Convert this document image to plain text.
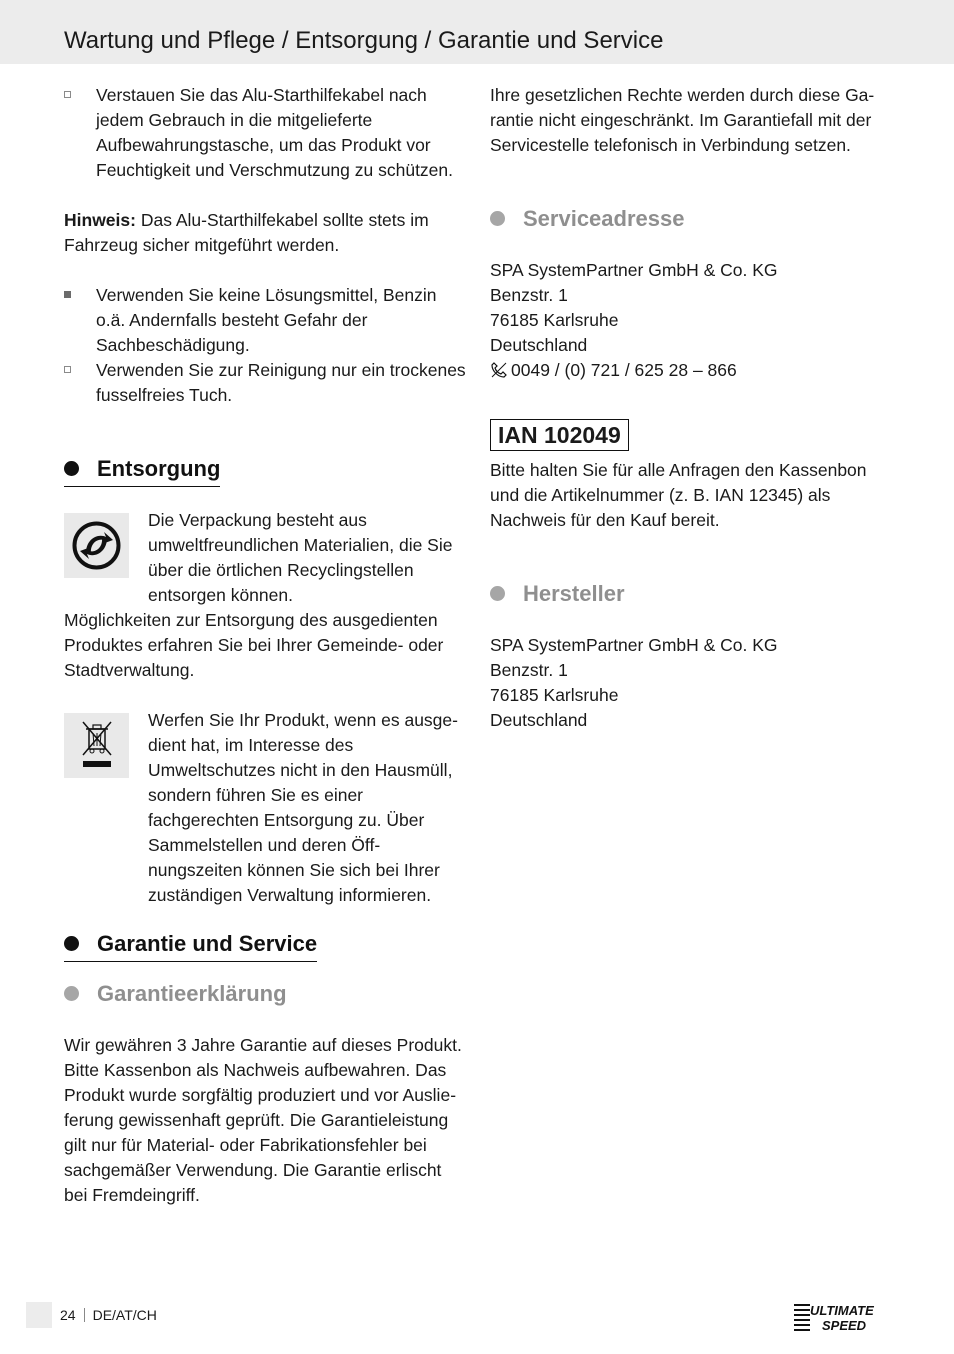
Wartung und Pflege / Entsorgung / Garantie und Service

Verstauen Sie das Alu-Starthilfekabel nach jedem Gebrauch in die mitgelieferte Aufbewahrungstasche, um das Produkt vor Feuchtigkeit und Verschmutzung zu schützen.

Hinweis: Das Alu-Starthilfekabel sollte stets im Fahrzeug sicher mitgeführt werden.

Verwenden Sie keine Lösungsmittel, Benzin o.ä. Andernfalls besteht Gefahr der Sachbeschädigung.

Verwenden Sie zur Reinigung nur ein trockenes fusselfreies Tuch.

Entsorgung

Die Verpackung besteht aus umweltfreundlichen Materialien, die Sie über die örtlichen Recyclingstellen entsorgen können.

Möglichkeiten zur Entsorgung des ausgedienten Produktes erfahren Sie bei Ihrer Gemeinde- oder Stadtverwaltung.

Werfen Sie Ihr Produkt, wenn es ausgedient hat, im Interesse des Umweltschutzes nicht in den Hausmüll, sondern führen Sie es einer fachgerechten Entsorgung zu. Über Sammelstellen und deren Öffnungszeiten können Sie sich bei Ihrer zuständigen Verwaltung informieren.

Garantie und Service
Garantieerklärung

Wir gewähren 3 Jahre Garantie auf dieses Produkt. Bitte Kassenbon als Nachweis aufbewahren. Das Produkt wurde sorgfältig produziert und vor Auslieferung gewissenhaft geprüft. Die Garantieleistung gilt nur für Material- oder Fabrikationsfehler bei sachgemäßer Verwendung. Die Garantie erlischt bei Fremdeingriff.

Ihre gesetzlichen Rechte werden durch diese Garantie nicht eingeschränkt. Im Garantiefall mit der Servicestelle telefonisch in Verbindung setzen.

Serviceadresse

SPA SystemPartner GmbH & Co. KG

Benzstr. 1

76185 Karlsruhe

Deutschland

0049 / (0) 721 / 625 28 – 866

IAN 102049

Bitte halten Sie für alle Anfragen den Kassenbon und die Artikelnummer (z. B. IAN 12345) als Nachweis für den Kauf bereit.

Hersteller

SPA SystemPartner GmbH & Co. KG

Benzstr. 1

76185 Karlsruhe

Deutschland

24 DE/AT/CH	ULTIMATE
SPEED
